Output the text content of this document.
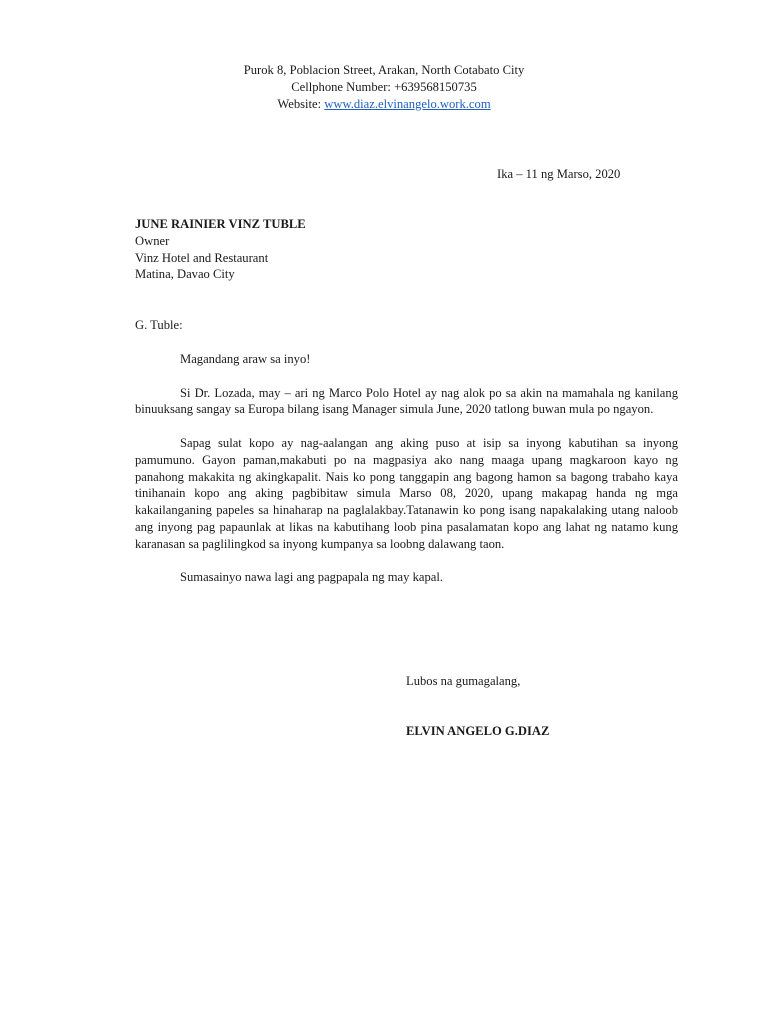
Purok 8, Poblacion Street, Arakan, North Cotabato City
Cellphone Number: +639568150735
Website: www.diaz.elvinangelo.work.com
Ika – 11 ng Marso, 2020
JUNE RAINIER VINZ TUBLE
Owner
Vinz Hotel and Restaurant
Matina, Davao City
G. Tuble:

Magandang araw sa inyo!

Si Dr. Lozada, may – ari ng Marco Polo Hotel ay nag alok po sa akin na mamahala ng kanilang binuuksang sangay sa Europa bilang isang Manager simula June, 2020 tatlong buwan mula po ngayon.

Sapag sulat kopo ay nag-aalangan ang aking puso at isip sa inyong kabutihan sa inyong pamumuno. Gayon paman,makabuti po na magpasiya ako nang maaga upang magkaroon kayo ng panahong makakita ng akingkapalit. Nais ko pong tanggapin ang bagong hamon sa bagong trabaho kaya tinihanain kopo ang aking pagbibitaw simula Marso 08, 2020, upang makapag handa ng mga kakailanganing papeles sa hinaharap na paglalakbay.Tatanawin ko pong isang napakalaking utang naloob ang inyong pag papaunlak at likas na kabutihang loob pina pasalamatan kopo ang lahat ng natamo kung karanasan sa paglilingkod sa inyong kumpanya sa loobng dalawang taon.

Sumasainyo nawa lagi ang pagpapala ng may kapal.

Lubos na gumagalang,
ELVIN ANGELO G.DIAZ
